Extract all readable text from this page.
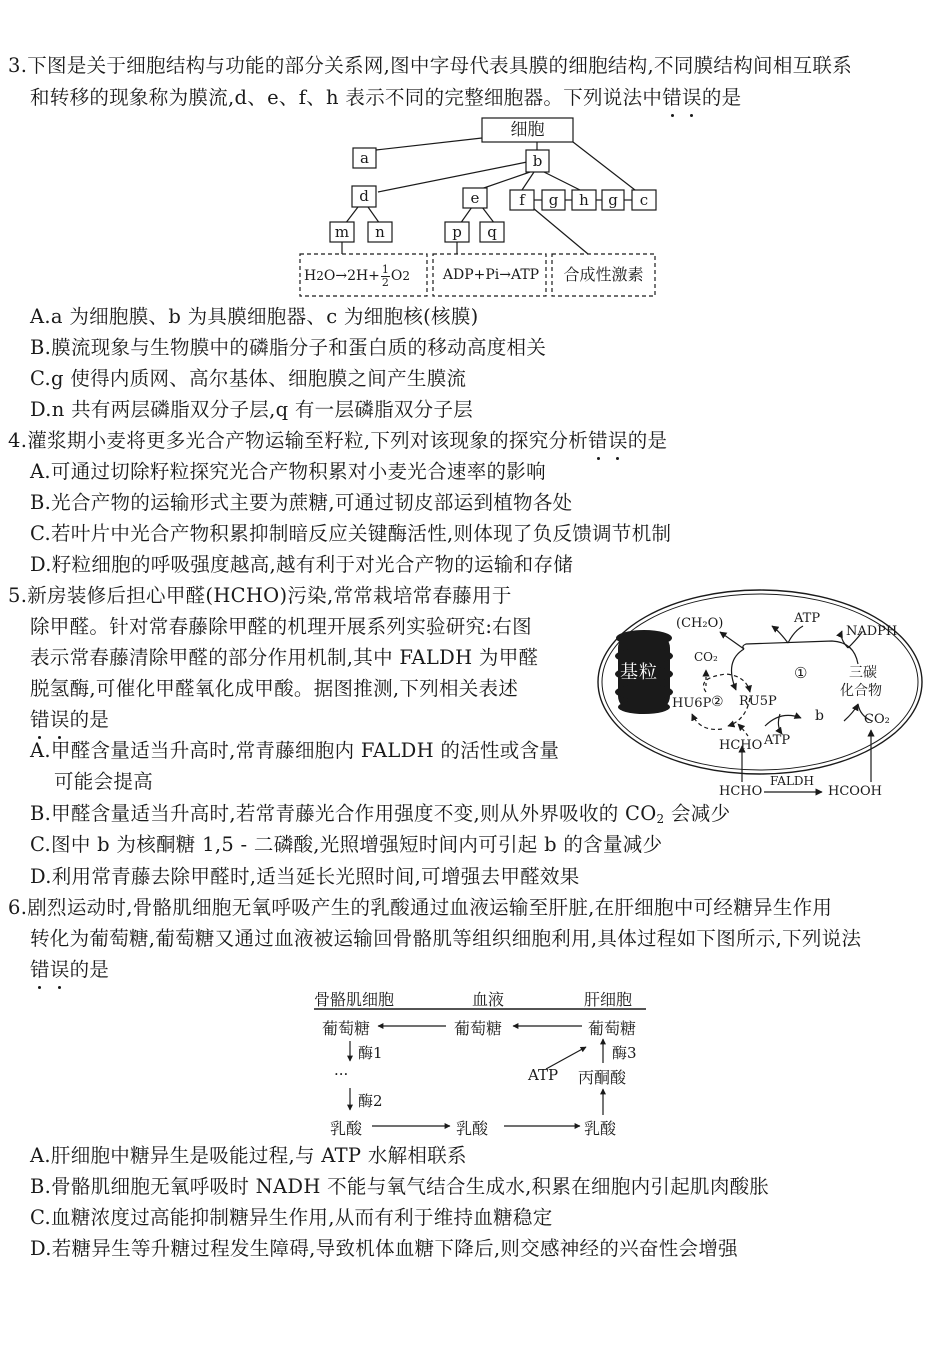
3.下图是关于细胞结构与功能的部分关系网,图中字母代表具膜的细胞结构,不同膜结构间相互联系
和转移的现象称为膜流,d、e、f、h 表示不同的完整细胞器。下列说法中错误的是
细胞
a	b
c
d	e	f	g	h	g
m	n	p	q
H 2 $O\to 2H+ \frac{1}{2}$ O 2	ADP+Pi→ATP	合成性激素
A.a 为细胞膜、b 为具膜细胞器、c 为细胞核(核膜)
B.膜流现象与生物膜中的磷脂分子和蛋白质的移动高度相关
C.g 使得内质网、高尔基体、细胞膜之间产生膜流
D.n 共有两层磷脂双分子层,q 有一层磷脂双分子层
4.灌浆期小麦将更多光合产物运输至籽粒,下列对该现象的探究分析错误的是
A.可通过切除籽粒探究光合产物积累对小麦光合速率的影响
B.光合产物的运输形式主要为蔗糖,可通过韧皮部运到植物各处
C.若叶片中光合产物积累抑制暗反应关键酶活性,则体现了负反馈调节机制
D.籽粒细胞的呼吸强度越高,越有利于对光合产物的运输和存储
5.新房装修后担心甲醛(HCHO)污染,常常栽培常春藤用于
除甲醛。针对常春藤除甲醛的机理开展系列实验研究:右图
表示常春藤清除甲醛的部分作用机制,其中 FALDH 为甲醛
脱氢酶,可催化甲醛氧化成甲酸。据图推测,下列相关表述
错误的是
A.甲醛含量适当升高时,常青藤细胞内 FALDH 的活性或含量
可能会提高
基粒
(CH₂O)	ATP
NADPH
①	三碳
化合物
CO₂
HU6P ② RU5P
b	CO₂
ATP
HCHO
HCHO
FALDH
HCOOH
B.甲醛含量适当升高时,若常青藤光合作用强度不变,则从外界吸收的 $CO_2$ 会减少
C.图中 b 为核酮糖 1,5 - 二磷酸,光照增强短时间内可引起 b 的含量减少
D.利用常青藤去除甲醛时,适当延长光照时间,可增强去甲醛效果
6.剧烈运动时,骨骼肌细胞无氧呼吸产生的乳酸通过血液运输至肝脏,在肝细胞中可经糖异生作用
转化为葡萄糖,葡萄糖又通过血液被运输回骨骼肌等组织细胞利用,具体过程如下图所示,下列说法
错误的是
骨骼肌细胞	血液	肝细胞
葡萄糖	葡萄糖	葡萄糖
酶1
···
酶2
乳酸	乳酸	乳酸
丙酮酸
ATP
酶3
A.肝细胞中糖异生是吸能过程,与 ATP 水解相联系
B.骨骼肌细胞无氧呼吸时 NADH 不能与氧气结合生成水,积累在细胞内引起肌肉酸胀
C.血糖浓度过高能抑制糖异生作用,从而有利于维持血糖稳定
D.若糖异生等升糖过程发生障碍,导致机体血糖下降后,则交感神经的兴奋性会增强
